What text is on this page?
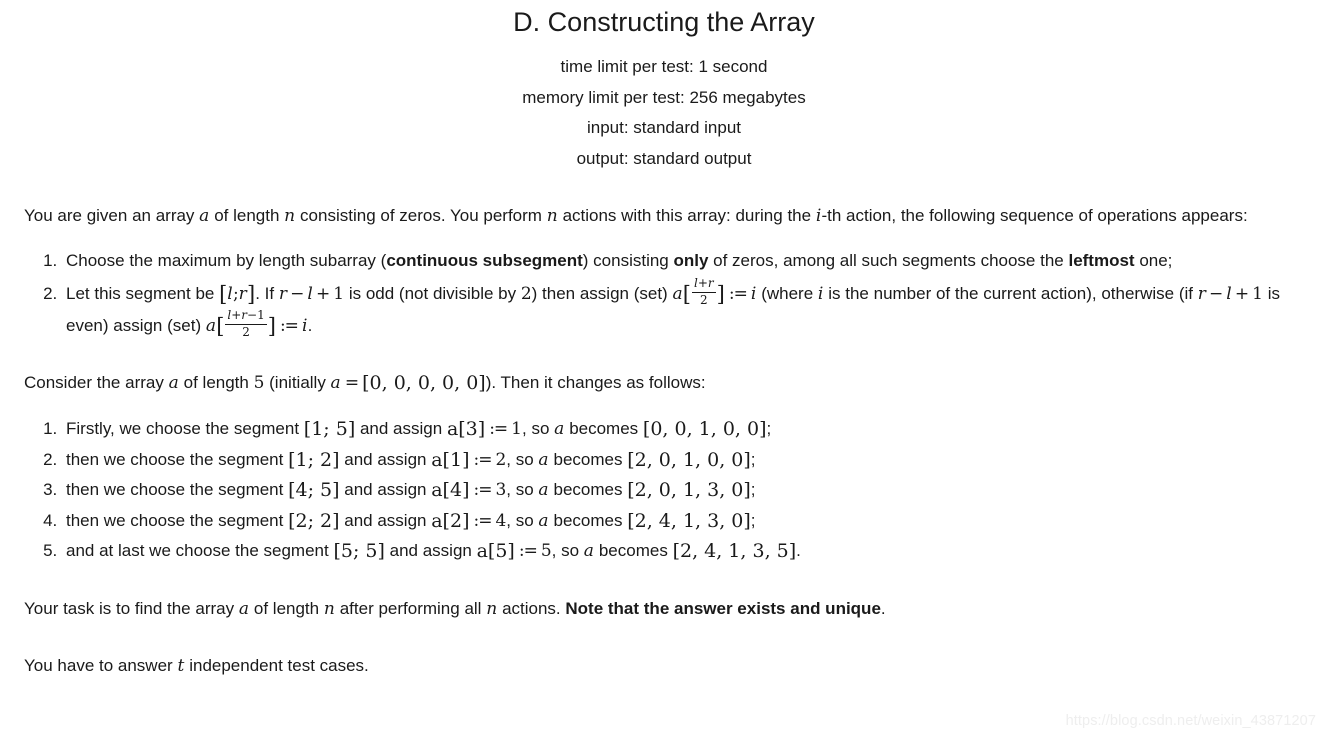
D. Constructing the Array
time limit per test: 1 second
memory limit per test: 256 megabytes
input: standard input
output: standard output

You are given an array a of length n consisting of zeros. You perform n actions with this array: during the i-th action, the following sequence of operations appears:

1. Choose the maximum by length subarray (continuous subsegment) consisting only of zeros, among all such segments choose the leftmost one;
2. Let this segment be [l;r]. If r − l + 1 is odd (not divisible by 2) then assign (set) $a[ \frac{l+r}{2}$ ] := i (where i is the number of the current action), otherwise (if r − l + 1 is even) assign (set) $a[ \frac{l+r-1}{2}$ ] := i.

Consider the array a of length 5 (initially a = [0, 0, 0, 0, 0]). Then it changes as follows:

1. Firstly, we choose the segment [1; 5] and assign a[3] := 1, so a becomes [0, 0, 1, 0, 0];
2. then we choose the segment [1; 2] and assign a[1] := 2, so a becomes [2, 0, 1, 0, 0];
3. then we choose the segment [4; 5] and assign a[4] := 3, so a becomes [2, 0, 1, 3, 0];
4. then we choose the segment [2; 2] and assign a[2] := 4, so a becomes [2, 4, 1, 3, 0];
5. and at last we choose the segment [5; 5] and assign a[5] := 5, so a becomes [2, 4, 1, 3, 5].

Your task is to find the array a of length n after performing all n actions. Note that the answer exists and unique.

You have to answer t independent test cases.

https://blog.csdn.net/weixin_43871207
